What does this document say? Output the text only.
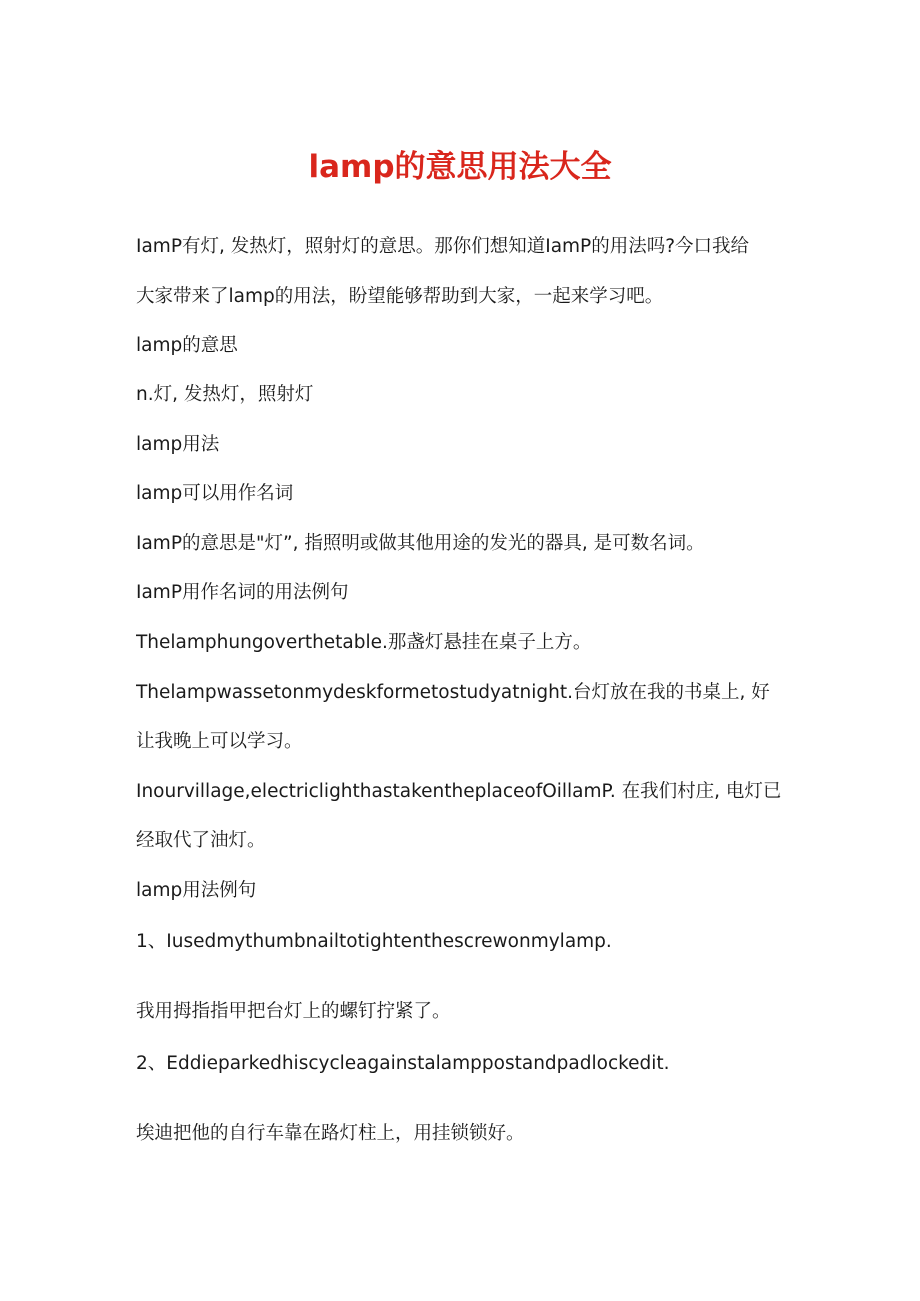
lamp的意思用法大全

IamP有灯, 发热灯，照射灯的意思。那你们想知道IamP的用法吗?今口我给

大家带来了lamp的用法，盼望能够帮助到大家，一起来学习吧。

lamp的意思

n.灯, 发热灯，照射灯

lamp用法

lamp可以用作名词

IamP的意思是"灯”, 指照明或做其他用途的发光的器具, 是可数名词。

IamP用作名词的用法例句

Thelamphungoverthetable.那盏灯悬挂在桌子上方。

Thelampwassetonmydeskformetostudyatnight.台灯放在我的书桌上, 好

让我晚上可以学习。

Inourvillage,electriclighthastakentheplaceofOillamP. 在我们村庄, 电灯已

经取代了油灯。

lamp用法例句

1、Iusedmythumbnailtotightenthescrewonmylamp.

我用拇指指甲把台灯上的螺钉拧紧了。

2、Eddieparkedhiscycleagainstalamppostandpadlockedit.

埃迪把他的自行车靠在路灯柱上，用挂锁锁好。
